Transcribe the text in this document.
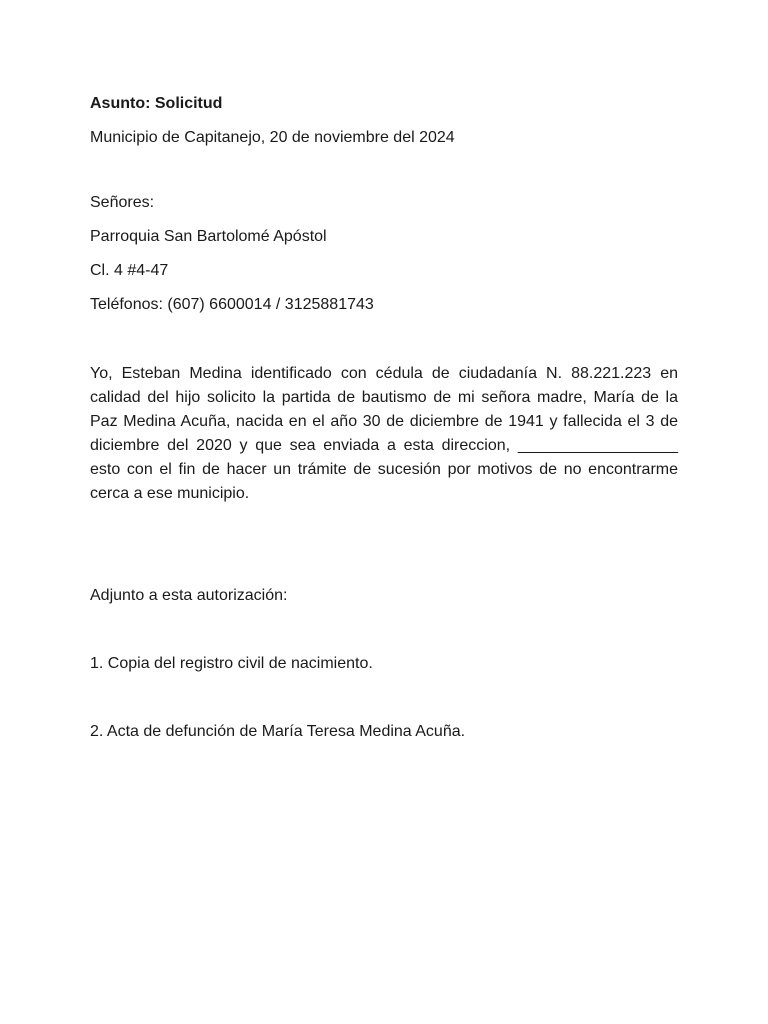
Asunto: Solicitud

Municipio de Capitanejo, 20 de noviembre del 2024

Señores:

Parroquia San Bartolomé Apóstol

Cl. 4 #4-47

Teléfonos: (607) 6600014 / 3125881743

Yo, Esteban Medina identificado con cédula de ciudadanía N. 88.221.223 en
calidad del hijo solicito la partida de bautismo de mi señora madre, María de la
Paz Medina Acuña, nacida en el año 30 de diciembre de 1941 y fallecida el 3 de
diciembre del 2020 y que sea enviada a esta direccion, __________________
esto con el fin de hacer un trámite de sucesión por motivos de no encontrarme
cerca a ese municipio.

Adjunto a esta autorización:

1. Copia del registro civil de nacimiento.

2. Acta de defunción de María Teresa Medina Acuña.
